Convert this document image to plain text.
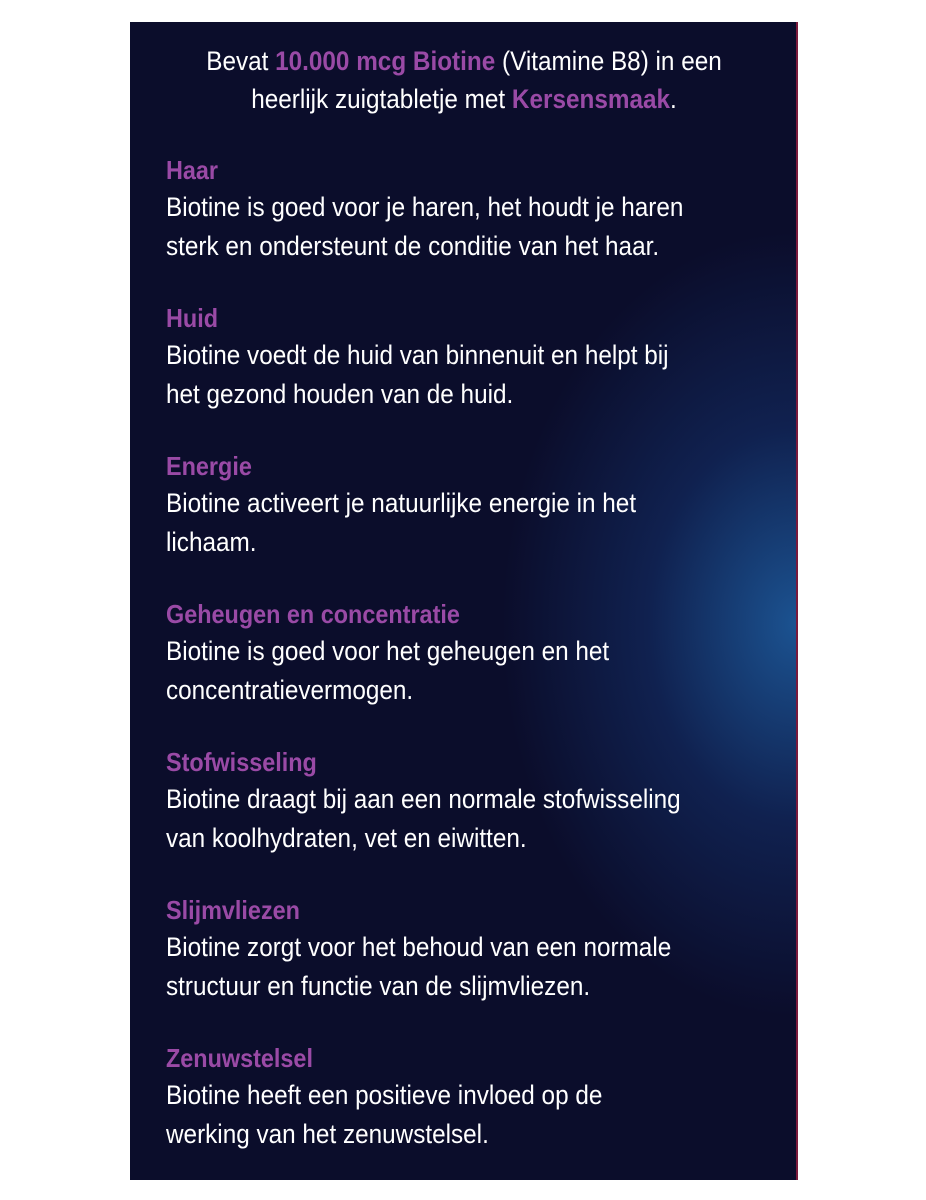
Bevat 10.000 mcg Biotine (Vitamine B8) in een
heerlijk zuigtabletje met Kersensmaak.
Haar

Biotine is goed voor je haren, het houdt je haren
sterk en ondersteunt de conditie van het haar.

Huid

Biotine voedt de huid van binnenuit en helpt bij
het gezond houden van de huid.

Energie

Biotine activeert je natuurlijke energie in het
lichaam.

Geheugen en concentratie

Biotine is goed voor het geheugen en het
concentratievermogen.

Stofwisseling

Biotine draagt bij aan een normale stofwisseling
van koolhydraten, vet en eiwitten.

Slijmvliezen

Biotine zorgt voor het behoud van een normale
structuur en functie van de slijmvliezen.

Zenuwstelsel

Biotine heeft een positieve invloed op de
werking van het zenuwstelsel.
